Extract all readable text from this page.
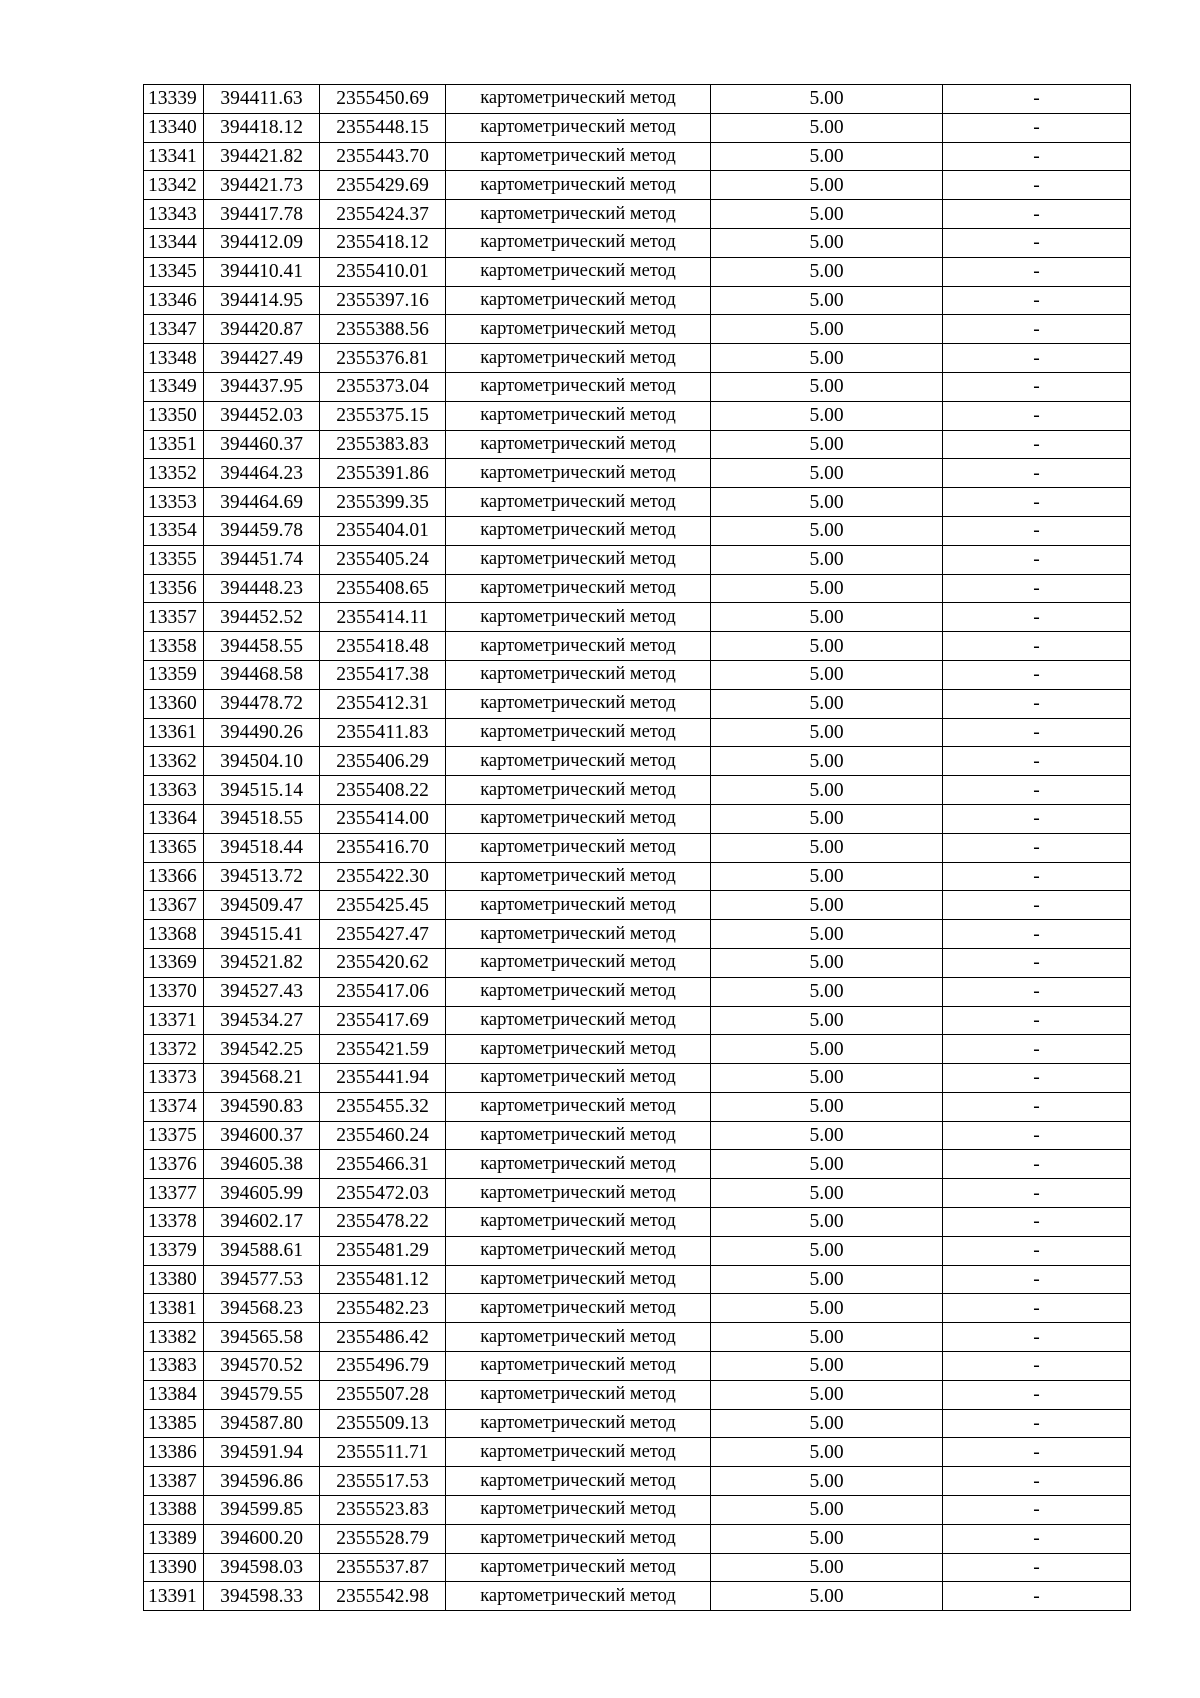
13339	394411.63	2355450.69	картометрический метод	5.00	-
13340	394418.12	2355448.15	картометрический метод	5.00	-
13341	394421.82	2355443.70	картометрический метод	5.00	-
13342	394421.73	2355429.69	картометрический метод	5.00	-
13343	394417.78	2355424.37	картометрический метод	5.00	-
13344	394412.09	2355418.12	картометрический метод	5.00	-
13345	394410.41	2355410.01	картометрический метод	5.00	-
13346	394414.95	2355397.16	картометрический метод	5.00	-
13347	394420.87	2355388.56	картометрический метод	5.00	-
13348	394427.49	2355376.81	картометрический метод	5.00	-
13349	394437.95	2355373.04	картометрический метод	5.00	-
13350	394452.03	2355375.15	картометрический метод	5.00	-
13351	394460.37	2355383.83	картометрический метод	5.00	-
13352	394464.23	2355391.86	картометрический метод	5.00	-
13353	394464.69	2355399.35	картометрический метод	5.00	-
13354	394459.78	2355404.01	картометрический метод	5.00	-
13355	394451.74	2355405.24	картометрический метод	5.00	-
13356	394448.23	2355408.65	картометрический метод	5.00	-
13357	394452.52	2355414.11	картометрический метод	5.00	-
13358	394458.55	2355418.48	картометрический метод	5.00	-
13359	394468.58	2355417.38	картометрический метод	5.00	-
13360	394478.72	2355412.31	картометрический метод	5.00	-
13361	394490.26	2355411.83	картометрический метод	5.00	-
13362	394504.10	2355406.29	картометрический метод	5.00	-
13363	394515.14	2355408.22	картометрический метод	5.00	-
13364	394518.55	2355414.00	картометрический метод	5.00	-
13365	394518.44	2355416.70	картометрический метод	5.00	-
13366	394513.72	2355422.30	картометрический метод	5.00	-
13367	394509.47	2355425.45	картометрический метод	5.00	-
13368	394515.41	2355427.47	картометрический метод	5.00	-
13369	394521.82	2355420.62	картометрический метод	5.00	-
13370	394527.43	2355417.06	картометрический метод	5.00	-
13371	394534.27	2355417.69	картометрический метод	5.00	-
13372	394542.25	2355421.59	картометрический метод	5.00	-
13373	394568.21	2355441.94	картометрический метод	5.00	-
13374	394590.83	2355455.32	картометрический метод	5.00	-
13375	394600.37	2355460.24	картометрический метод	5.00	-
13376	394605.38	2355466.31	картометрический метод	5.00	-
13377	394605.99	2355472.03	картометрический метод	5.00	-
13378	394602.17	2355478.22	картометрический метод	5.00	-
13379	394588.61	2355481.29	картометрический метод	5.00	-
13380	394577.53	2355481.12	картометрический метод	5.00	-
13381	394568.23	2355482.23	картометрический метод	5.00	-
13382	394565.58	2355486.42	картометрический метод	5.00	-
13383	394570.52	2355496.79	картометрический метод	5.00	-
13384	394579.55	2355507.28	картометрический метод	5.00	-
13385	394587.80	2355509.13	картометрический метод	5.00	-
13386	394591.94	2355511.71	картометрический метод	5.00	-
13387	394596.86	2355517.53	картометрический метод	5.00	-
13388	394599.85	2355523.83	картометрический метод	5.00	-
13389	394600.20	2355528.79	картометрический метод	5.00	-
13390	394598.03	2355537.87	картометрический метод	5.00	-
13391	394598.33	2355542.98	картометрический метод	5.00	-
